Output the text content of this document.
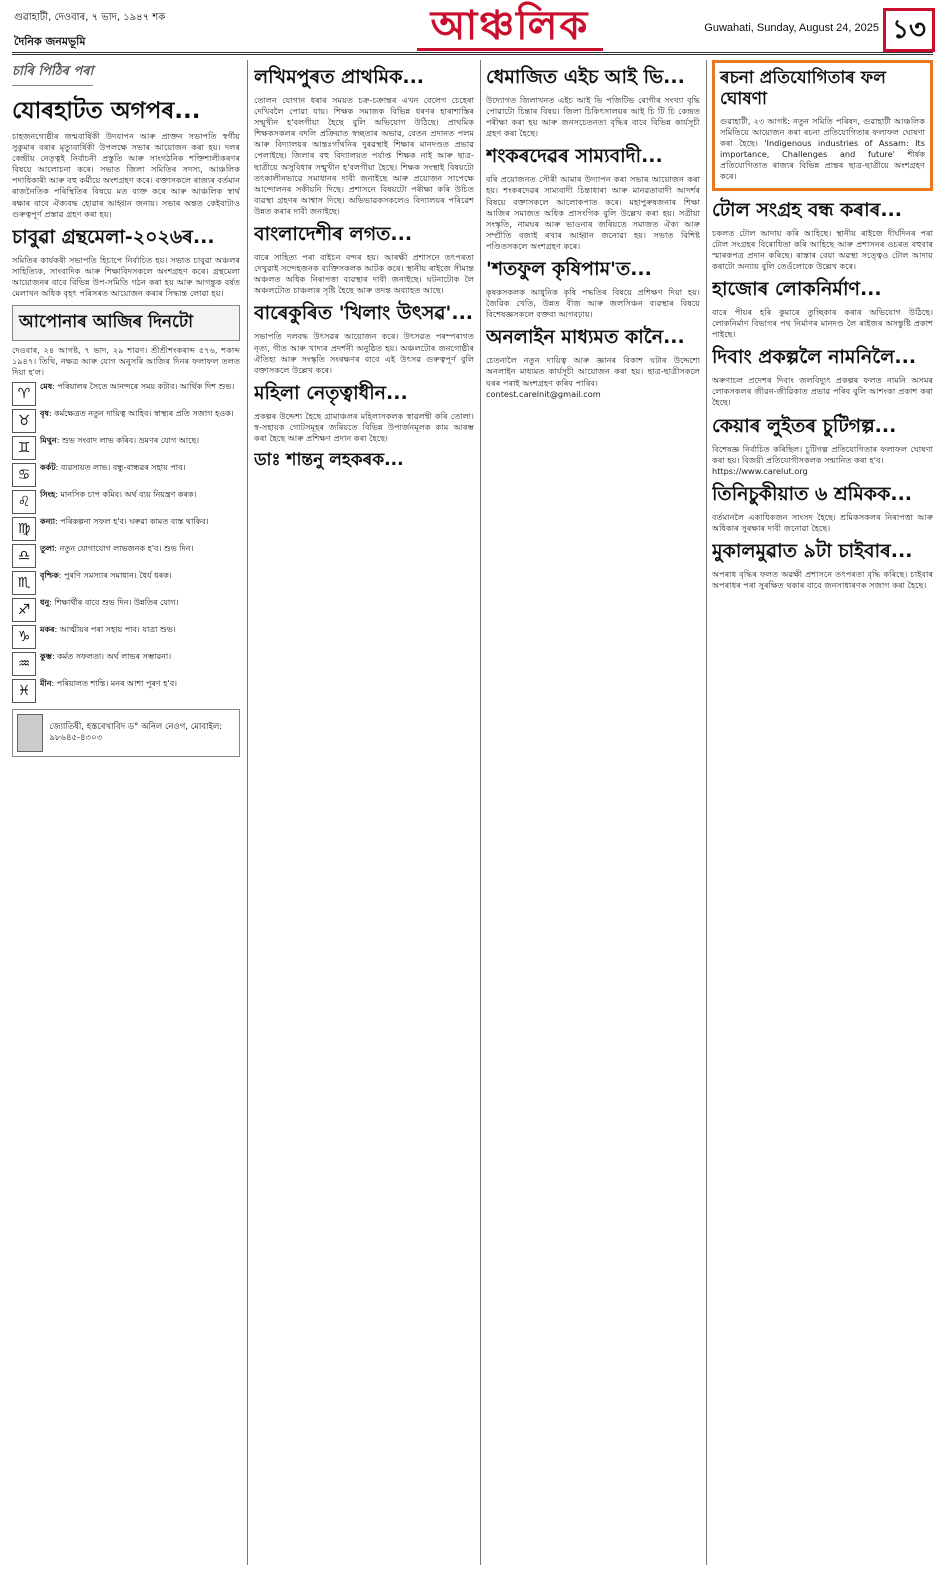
গুৱাহাটী, দেওবাৰ, ৭ ভাদ, ১৯৪৭ শক
দৈনিক জনমভূমি	আঞ্চলিক	Guwahati, Sunday, August 24, 2025 ১৩
চাৰি পিঠিৰ পৰা
যোৰহাটত অগপৰ...
চাহজনগোষ্ঠীৰ জন্মবাৰ্ষিকী উদযাপন আৰু প্ৰাক্তন সভাপতি স্বৰ্গীয় সুকুমাৰ বৰাৰ মৃত্যুবাৰ্ষিকী উপলক্ষে সভাৰ আয়োজন কৰা হয়। দলৰ কেন্দ্ৰীয় নেতৃত্বই নিৰ্বাচনী প্ৰস্তুতি আৰু সাংগঠনিক শক্তিশালীকৰণৰ বিষয়ে আলোচনা কৰে। সভাত জিলা সমিতিৰ সদস্য, আঞ্চলিক পদাধিকাৰী আৰু বহু কৰ্মীয়ে অংশগ্ৰহণ কৰে। বক্তাসকলে ৰাজ্যৰ বৰ্তমান ৰাজনৈতিক পৰিস্থিতিৰ বিষয়ে মত ব্যক্ত কৰে আৰু আঞ্চলিক স্বাৰ্থ ৰক্ষাৰ বাবে ঐক্যবদ্ধ হোৱাৰ আহ্বান জনায়। সভাৰ অন্তত কেইবাটাও গুৰুত্বপূৰ্ণ প্ৰস্তাৱ গ্ৰহণ কৰা হয়।
চাবুৱা গ্ৰন্থমেলা-২০২৬ৰ...
সমিতিৰ কাৰ্যকৰী সভাপতি হিচাপে নিৰ্বাচিত হয়। সভাত চাবুৱা অঞ্চলৰ সাহিত্যিক, সাংবাদিক আৰু শিক্ষাবিদসকলে অংশগ্ৰহণ কৰে। গ্ৰন্থমেলা আয়োজনৰ বাবে বিভিন্ন উপ-সমিতি গঠন কৰা হয় আৰু আগন্তুক বৰ্ষত মেলাখন অধিক বৃহৎ পৰিসৰত আয়োজন কৰাৰ সিদ্ধান্ত লোৱা হয়।
আপোনাৰ আজিৰ দিনটো
দেওবাৰ, ২৪ আগষ্ট, ৭ ভাদ, ২৯ শাৱণ। শ্ৰীশ্ৰীশংকৰাব্দ ৫৭৬, শকাব্দ ১৯৪৭। তিথি, নক্ষত্ৰ আৰু যোগ অনুসৰি আজিৰ দিনৰ ফলাফল তলত দিয়া হ'ল।
♈	মেষ: পৰিয়ালৰ সৈতে আনন্দৰে সময় কটাব। আৰ্থিক দিশ শুভ।
♉	বৃষ: কৰ্মক্ষেত্ৰত নতুন দায়িত্ব আহিব। স্বাস্থ্যৰ প্ৰতি সজাগ হওক।
♊	মিথুন: শুভ সংবাদ লাভ কৰিব। ভ্ৰমণৰ যোগ আছে।
♋	কৰ্কট: ব্যৱসায়ত লাভ। বন্ধু-বান্ধৱৰ সহায় পাব।
♌	সিংহ: মানসিক চাপ কমিব। অৰ্থ ব্যয় নিয়ন্ত্ৰণ কৰক।
♍	কন্যা: পৰিকল্পনা সফল হ'ব। ঘৰুৱা কামত ব্যস্ত থাকিব।
♎	তুলা: নতুন যোগাযোগ লাভজনক হ'ব। শুভ দিন।
♏	বৃশ্চিক: পুৰণি সমস্যাৰ সমাধান। ধৈৰ্য ধৰক।
♐	ধনু: শিক্ষাৰ্থীৰ বাবে শুভ দিন। উন্নতিৰ যোগ।
♑	মকৰ: আত্মীয়ৰ পৰা সহায় পাব। যাত্ৰা শুভ।
♒	কুম্ভ: কৰ্মত সফলতা। অৰ্থ লাভৰ সম্ভাৱনা।
♓	মীন: পৰিয়ালত শান্তি। মনৰ আশা পূৰণ হ'ব।
জ্যোতিষী, হস্তৰেখাবিদ ড° অনিল নেওগ, মোবাইল: ৯৮৬৪৫-৪৩০৩
লখিমপুৰত প্ৰাথমিক...
তোলন যোগান ধৰাৰ সময়ত চক্ৰ-চক্ৰান্তৰ এখন বেলেগ চেহেৰা দেখিবলৈ পোৱা যায়। শিক্ষক সমাজক বিভিন্ন ধৰণৰ হাৰাশাস্তিৰ সন্মুখীন হ'বলগীয়া হৈছে বুলি অভিযোগ উঠিছে। প্ৰাথমিক শিক্ষকসকলৰ বদলি প্ৰক্ৰিয়াত স্বচ্ছতাৰ অভাৱ, বেতন প্ৰদানত পলম আৰু বিদ্যালয়ৰ আন্তঃগাঁথনিৰ দুৰৱস্থাই শিক্ষাৰ মানদণ্ডত প্ৰভাৱ পেলাইছে। জিলাৰ বহু বিদ্যালয়ত পৰ্যাপ্ত শিক্ষক নাই আৰু ছাত্ৰ-ছাত্ৰীয়ে অসুবিধাৰ সন্মুখীন হ'বলগীয়া হৈছে। শিক্ষক সংস্থাই বিষয়টো তৎকালীনভাৱে সমাধানৰ দাবী জনাইছে আৰু প্ৰয়োজন সাপেক্ষে আন্দোলনৰ সকীয়নি দিছে। প্ৰশাসনে বিষয়টো পৰীক্ষা কৰি উচিত ব্যৱস্থা গ্ৰহণৰ আশ্বাস দিছে। অভিভাৱকসকলেও বিদ্যালয়ৰ পৰিৱেশ উন্নত কৰাৰ দাবী জনাইছে।
বাংলাদেশীৰ লগত...
বাৰে সাহিত্য পৰা বাইচন বন্দৰ হয়। আৰক্ষী প্ৰশাসনে তৎপৰতা দেখুৱাই সন্দেহজনক ব্যক্তিসকলক আটক কৰে। স্থানীয় ৰাইজে সীমান্ত অঞ্চলত অধিক নিৰাপত্তা ব্যৱস্থাৰ দাবী জনাইছে। ঘটনাটোক লৈ অঞ্চলটোত চাঞ্চল্যৰ সৃষ্টি হৈছে আৰু তদন্ত অব্যাহত আছে।
বাৰেকুৰিত 'খিলাং উৎসৱ'...
সভাপতি দলবদ্ধ উৎসৱৰ আয়োজন কৰে। উৎসৱত পৰম্পৰাগত নৃত্য, গীত আৰু খাদ্যৰ প্ৰদৰ্শনী অনুষ্ঠিত হয়। অঞ্চলটোৰ জনগোষ্ঠীৰ ঐতিহ্য আৰু সংস্কৃতি সংৰক্ষণৰ বাবে এই উৎসৱ গুৰুত্বপূৰ্ণ বুলি বক্তাসকলে উল্লেখ কৰে।
মহিলা নেতৃত্বাধীন...
প্ৰকল্পৰ উদ্দেশ্য হৈছে গ্ৰামাঞ্চলৰ মহিলাসকলক স্বাৱলম্বী কৰি তোলা। স্ব-সহায়ক গোটসমূহৰ জৰিয়তে বিভিন্ন উপাৰ্জনমূলক কাম আৰম্ভ কৰা হৈছে আৰু প্ৰশিক্ষণ প্ৰদান কৰা হৈছে।
ডাঃ শান্তনু লহকৰক...
ধেমাজিত এইচ আই ভি...
উদ্যোগত জিলাখনত এইচ আই ভি পজিটিভ ৰোগীৰ সংখ্যা বৃদ্ধি পোৱাটো চিন্তাৰ বিষয়। জিলা চিকিৎসালয়ৰ আই চি টি চি কেন্দ্ৰত পৰীক্ষা কৰা হয় আৰু জনসচেতনতা বৃদ্ধিৰ বাবে বিভিন্ন কাৰ্যসূচী গ্ৰহণ কৰা হৈছে।
শংকৰদেৱৰ সাম্যবাদী...
বৰি প্ৰয়োজনত সৌৰী আমাৰ উদ্যাপন কৰা সভাৰ আয়োজন কৰা হয়। শংকৰদেৱৰ সাম্যবাদী চিন্তাধাৰা আৰু মানৱতাবাদী আদৰ্শৰ বিষয়ে বক্তাসকলে আলোকপাত কৰে। মহাপুৰুষজনাৰ শিক্ষা আজিৰ সমাজত অধিক প্ৰাসংগিক বুলি উল্লেখ কৰা হয়। সত্ৰীয়া সংস্কৃতি, নামঘৰ আৰু ভাওনাৰ জৰিয়তে সমাজত ঐক্য আৰু সম্প্ৰীতি বজাই ৰখাৰ আহ্বান জনোৱা হয়। সভাত বিশিষ্ট পণ্ডিতসকলে অংশগ্ৰহণ কৰে।
'শতফুল কৃষিপাম'ত...
কৃষকসকলক আধুনিক কৃষি পদ্ধতিৰ বিষয়ে প্ৰশিক্ষণ দিয়া হয়। জৈৱিক খেতি, উন্নত বীজ আৰু জলসিঞ্চন ব্যৱস্থাৰ বিষয়ে বিশেষজ্ঞসকলে বক্তব্য আগবঢ়ায়।
অনলাইন মাধ্যমত কানৈ...
চেতনালৈ নতুন দায়িত্ব আৰু জ্ঞানৰ বিকাশ ঘটাৰ উদ্দেশ্যে অনলাইন মাধ্যমত কাৰ্যসূচী আয়োজন কৰা হয়। ছাত্ৰ-ছাত্ৰীসকলে ঘৰৰ পৰাই অংশগ্ৰহণ কৰিব পাৰিব।
contest.carelnit@gmail.com
ৰচনা প্ৰতিযোগিতাৰ ফল ঘোষণা
গুৱাহাটী, ২৩ আগষ্ট: নতুন সমিতি পৰিষদ, গুৱাহাটী আঞ্চলিক সমিতিয়ে আয়োজন কৰা ৰচনা প্ৰতিযোগিতাৰ ফলাফল ঘোষণা কৰা হৈছে। 'Indigenous industries of Assam: Its importance, Challenges and future' শীৰ্ষক প্ৰতিযোগিতাত ৰাজ্যৰ বিভিন্ন প্ৰান্তৰ ছাত্ৰ-ছাত্ৰীয়ে অংশগ্ৰহণ কৰে।
টোল সংগ্ৰহ বন্ধ কৰাৰ...
চকলত টোল আদায় কৰি আহিছে। স্থানীয় ৰাইজে দীৰ্ঘদিনৰ পৰা টোল সংগ্ৰহৰ বিৰোধিতা কৰি আহিছে আৰু প্ৰশাসনৰ ওচৰত বহুবাৰ স্মাৰকপত্ৰ প্ৰদান কৰিছে। ৰাস্তাৰ বেয়া অৱস্থা সত্ত্বেও টোল আদায় কৰাটো অন্যায় বুলি তেওঁলোকে উল্লেখ কৰে।
হাজোৰ লোকনিৰ্মাণ...
বাৰে পীয়ৰ হৰি কুমাৰে তুচ্ছিকাৰ কৰাৰ অভিযোগ উঠিছে। লোকনিৰ্মাণ বিভাগৰ পথ নিৰ্মাণৰ মানদণ্ড লৈ ৰাইজৰ অসন্তুষ্টি প্ৰকাশ পাইছে।
দিবাং প্ৰকল্পলৈ নামনিলৈ...
অৰুণাচল প্ৰদেশৰ দিবাং জলবিদ্যুৎ প্ৰকল্পৰ ফলত নামনি অসমৰ লোকসকলৰ জীৱন-জীৱিকাত প্ৰভাৱ পৰিব বুলি আশংকা প্ৰকাশ কৰা হৈছে।
কেয়াৰ লুইতৰ চুটিগল্প...
বিশেষজ্ঞ নিৰ্বাচিত কৰিছিল। চুটিগল্প প্ৰতিযোগিতাৰ ফলাফল ঘোষণা কৰা হয়। বিজয়ী প্ৰতিযোগীসকলক সন্মানিত কৰা হ'ব।
https://www.carelut.org
তিনিচুকীয়াত ৬ শ্ৰমিকক...
বৰ্তমানলৈ একাধিকজন সাংসদ হৈছে। শ্ৰমিকসকলৰ নিৰাপত্তা আৰু অধিকাৰ সুৰক্ষাৰ দাবী জনোৱা হৈছে।
মুকালমুৱাত ৯টা চাইবাৰ...
অপৰাধ বৃদ্ধিৰ ফলত অৱক্ষী প্ৰশাসনে তৎপৰতা বৃদ্ধি কৰিছে। চাইবাৰ অপৰাধৰ পৰা সুৰক্ষিত থকাৰ বাবে জনসাধাৰণক সজাগ কৰা হৈছে।
